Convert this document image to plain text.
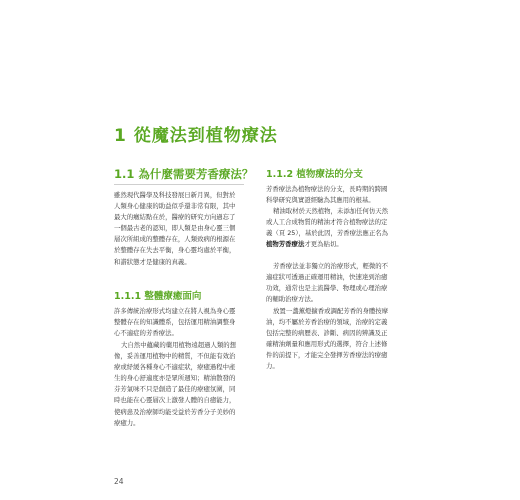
1 從魔法到植物療法
1.1 為什麼需要芳香療法？
雖然現代醫學及科技發展日新月異，但對於
人類身心健康的助益似乎還非常有限，其中
最大的癥結點在於，醫療的研究方向過忘了
一個最古老的認知，即人類是由身心靈三個
層次所組成的整體存在，人類致病的根源在
於整體存在失去平衡，身心靈均處於平衡，
和諧狀態才是健康的真義。
1.1.1 整體療癒面向
許多傳統治療形式均建立在將人視為身心靈
整體存在的知識體系，包括運用精油調整身
心不適症的芳香療法。
大自然中蘊藏的藥用植物遠超過人類的想
像，妥善運用植物中的精質，不但能有效治
療或紓緩各種身心不適症狀，療癒過程中產
生的身心舒適度亦是眾所週知；精油散發的
芬芳氣味不只是創造了最佳的療癒氛圍，同
時也能在心靈層次上激發人體的自癒能力，
使病患及治療師均能受益於芳香分子美妙的
療癒力。
1.1.2 植物療法的分支
芳香療法為植物療法的分支，長時期的跨國
科學研究與實證經驗為其應用的根基。
精油取材於天然植物，未添加任何仿天然
或人工合成物質的精油才符合植物療法的定
義（頁 25），基於此因，芳香療法應正名為
植物芳香療法才更為貼切。
芳香療法並非獨立的治療形式，輕微的不
適症狀可透過正確運用精油，快速達到治癒
功效，通常也是主流醫學、物理或心理治療
的輔助治療方法。
放置一盞薰燈擴香或調配芳香的身體按摩
油，均不屬於芳香治療的領域，治療的定義
包括完整的病歷表、診斷、病因的辨識及正
確精油劑量和應用形式的選擇，符合上述條
件的前提下，才能完全發揮芳香療法的療癒
力。
24
